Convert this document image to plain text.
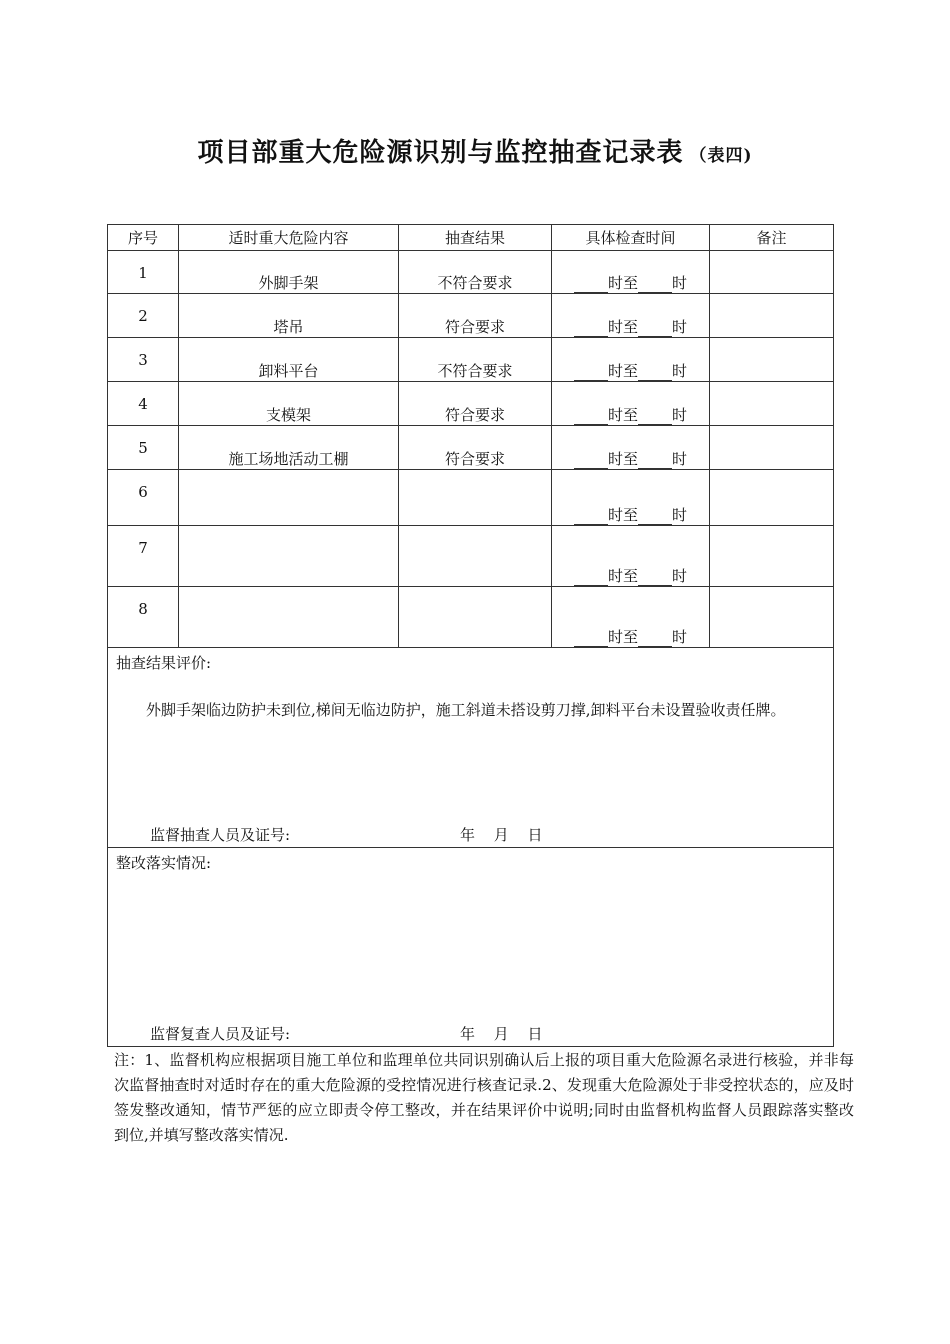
项目部重大危险源识别与监控抽查记录表 （表四)
序号	适时重大危险内容	抽查结果	具体检查时间	备注

1	外脚手架	不符合要求	时至 时	

2	塔吊	符合要求	时至 时	

3	卸料平台	不符合要求	时至 时	

4	支模架	符合要求	时至 时	

5	施工场地活动工棚	符合要求	时至 时	

6			时至 时	

7			时至 时	

8			时至 时	

抽查结果评价:
外脚手架临边防护未到位,梯间无临边防护，施工斜道未搭设剪刀撑,卸料平台未设置验收责任牌。
监督抽查人员及证号: 年 月 日				

整改落实情况:
监督复查人员及证号: 年 月 日				
注：1、监督机构应根据项目施工单位和监理单位共同识别确认后上报的项目重大危险源名录进行核验，并非每次监督抽查时对适时存在的重大危险源的受控情况进行核查记录.2、发现重大危险源处于非受控状态的，应及时签发整改通知，情节严惩的应立即责令停工整改，并在结果评价中说明;同时由监督机构监督人员跟踪落实整改到位,并填写整改落实情况.
